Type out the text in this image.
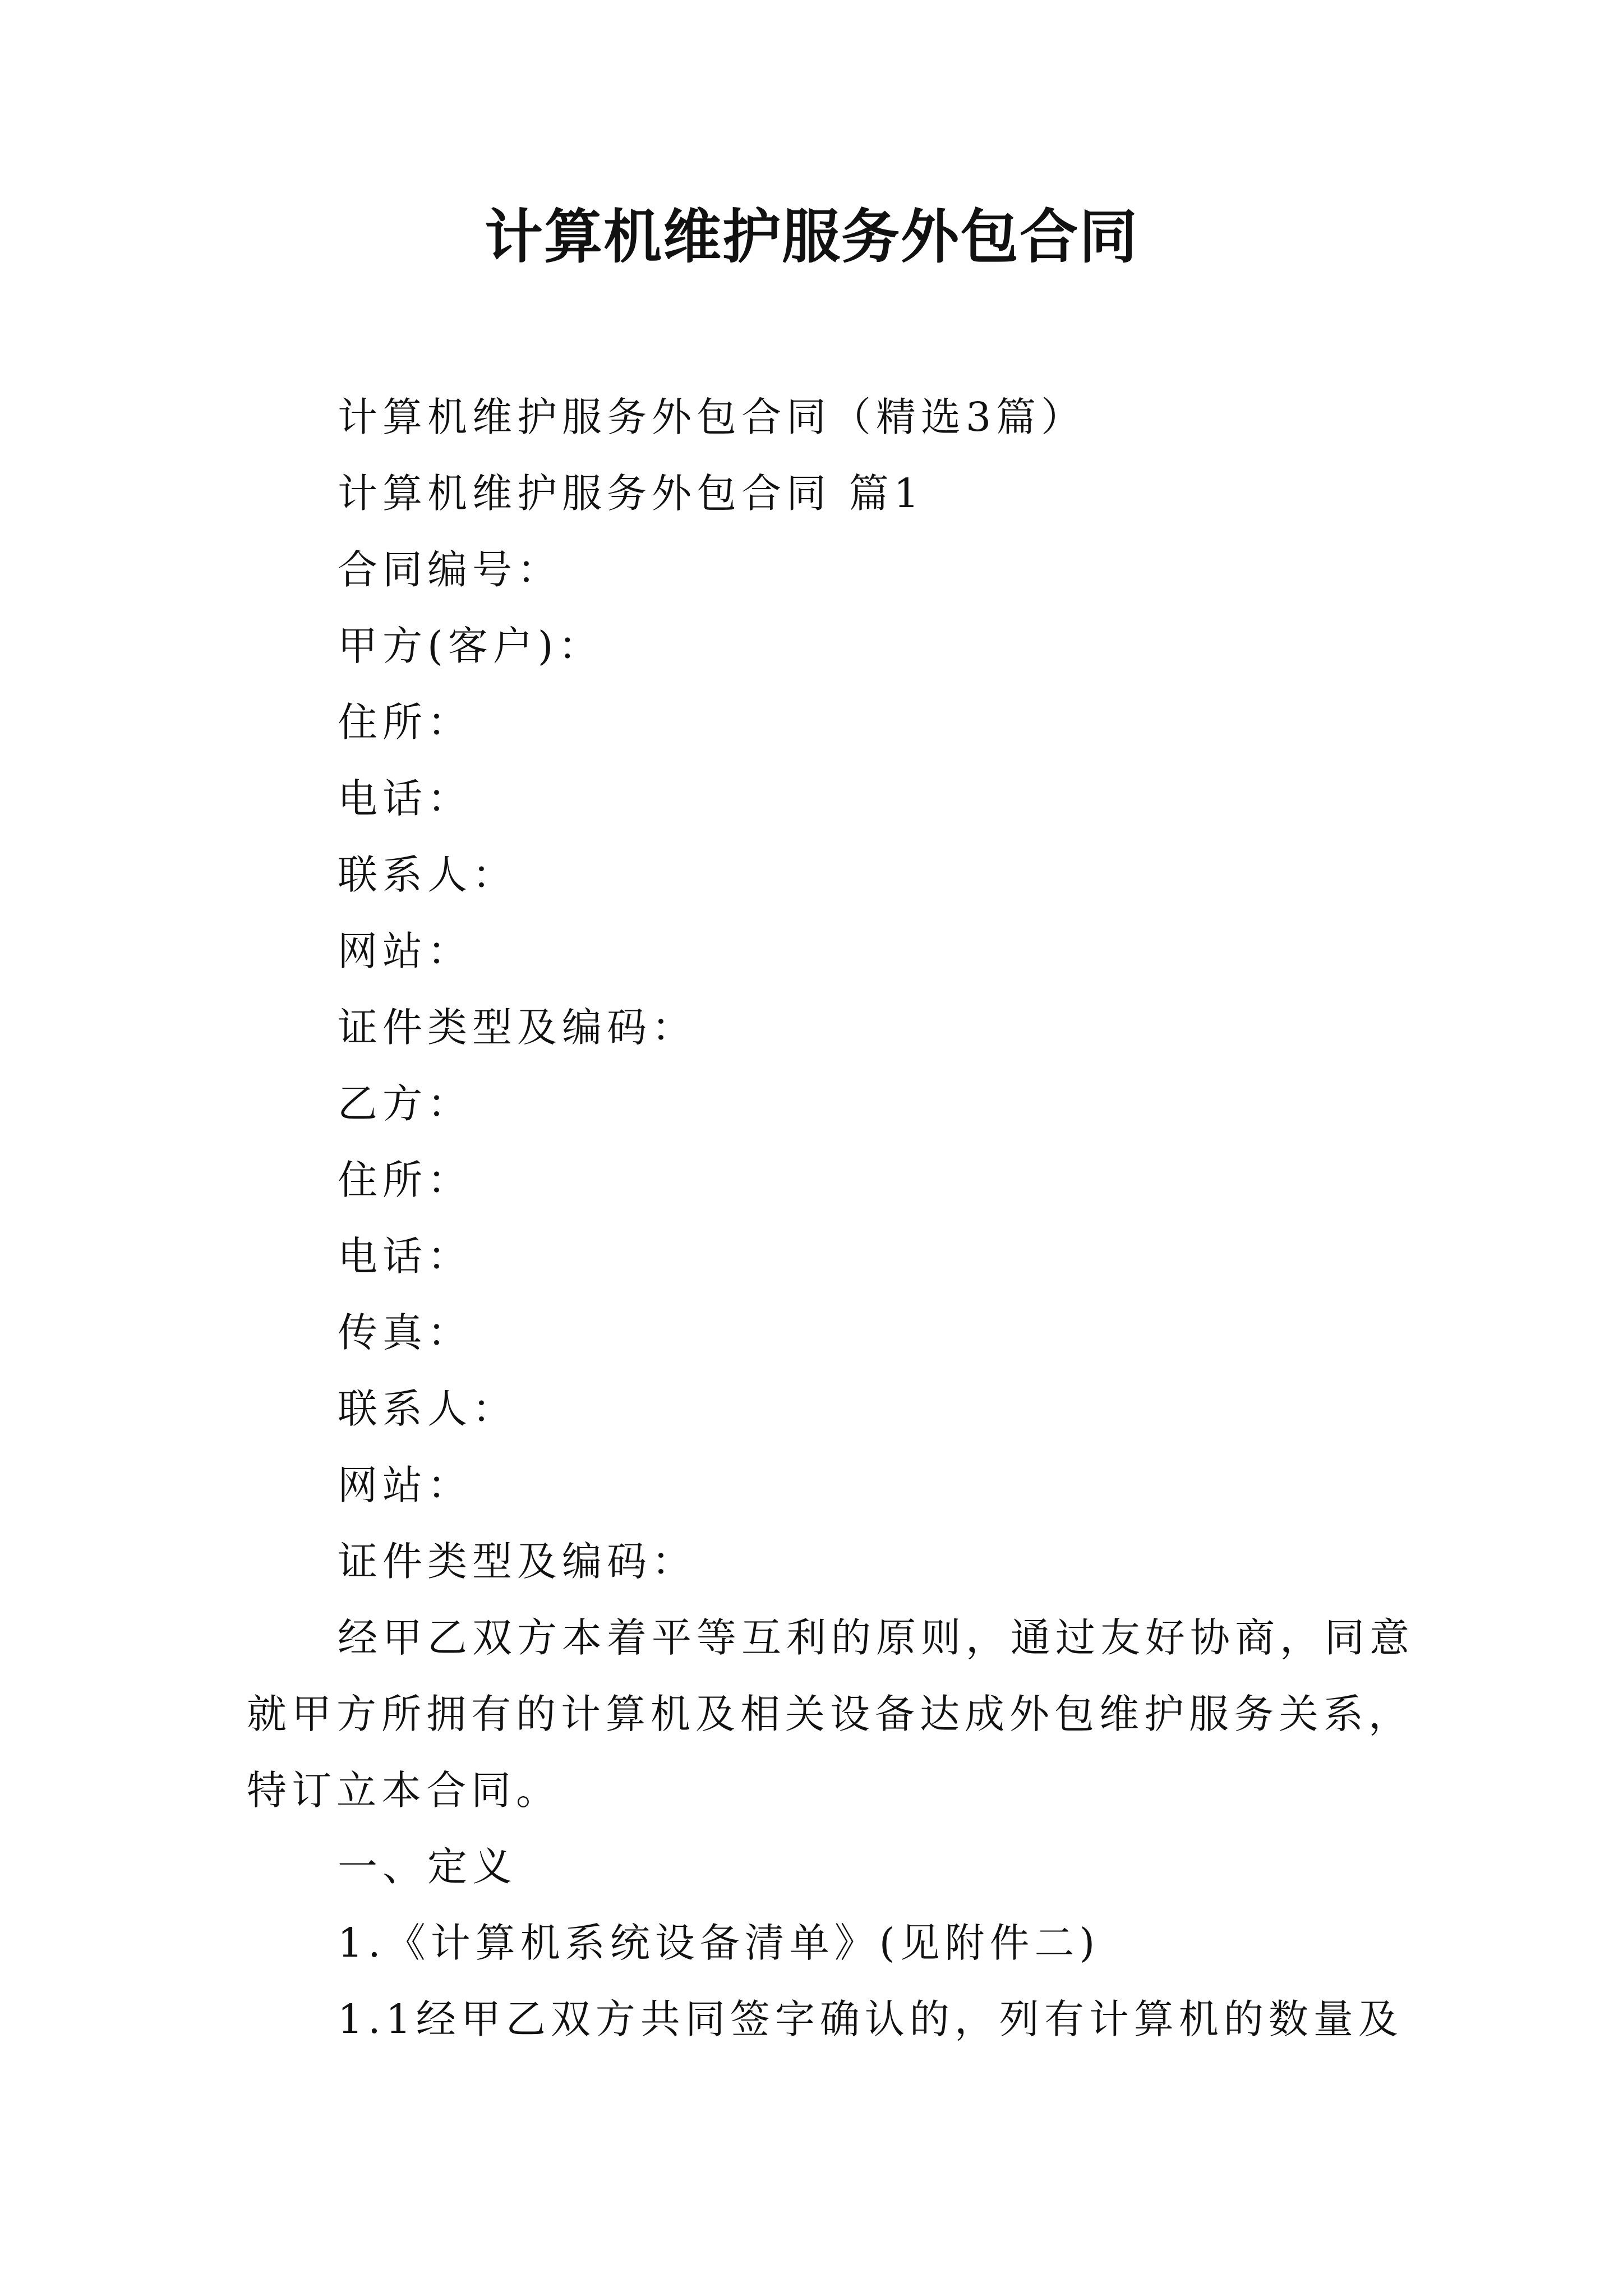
计算机维护服务外包合同

计算机维护服务外包合同（精选3篇）

计算机维护服务外包合同 篇1

合同编号：

甲方(客户)：

住所：

电话：

联系人：

网站：

证件类型及编码：

乙方：

住所：

电话：

传真：

联系人：

网站：

证件类型及编码：

经甲乙双方本着平等互利的原则，通过友好协商，同意

就甲方所拥有的计算机及相关设备达成外包维护服务关系，

特订立本合同。

一、定义

1.《计算机系统设备清单》(见附件二)

1.1经甲乙双方共同签字确认的，列有计算机的数量及
